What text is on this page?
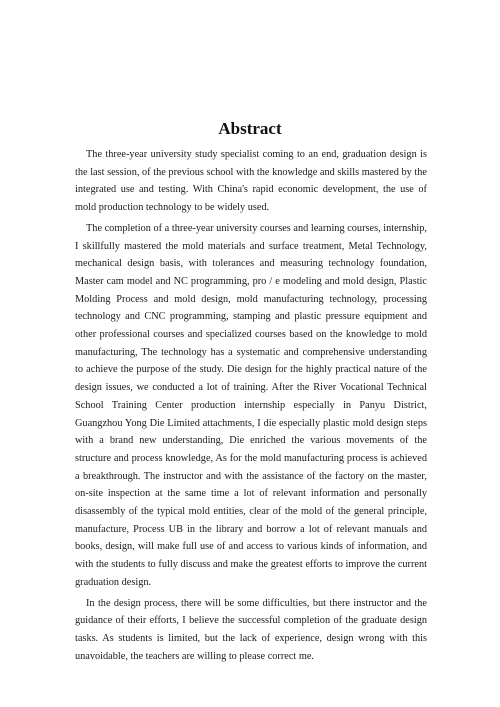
Abstract

The three-year university study specialist coming to an end, graduation design is the last session, of the previous school with the knowledge and skills mastered by the integrated use and testing. With China's rapid economic development, the use of mold production technology to be widely used.

The completion of a three-year university courses and learning courses, internship, I skillfully mastered the mold materials and surface treatment, Metal Technology, mechanical design basis, with tolerances and measuring technology foundation, Master cam model and NC programming, pro / e modeling and mold design, Plastic Molding Process and mold design, mold manufacturing technology, processing technology and CNC programming, stamping and plastic pressure equipment and other professional courses and specialized courses based on the knowledge to mold manufacturing, The technology has a systematic and comprehensive understanding to achieve the purpose of the study. Die design for the highly practical nature of the design issues, we conducted a lot of training. After the River Vocational Technical School Training Center production internship especially in Panyu District, Guangzhou Yong Die Limited attachments, I die especially plastic mold design steps with a brand new understanding, Die enriched the various movements of the structure and process knowledge, As for the mold manufacturing process is achieved a breakthrough. The instructor and with the assistance of the factory on the master, on-site inspection at the same time a lot of relevant information and personally disassembly of the typical mold entities, clear of the mold of the general principle, manufacture, Process UB in the library and borrow a lot of relevant manuals and books, design, will make full use of and access to various kinds of information, and with the students to fully discuss and make the greatest efforts to improve the current graduation design.

In the design process, there will be some difficulties, but there instructor and the guidance of their efforts, I believe the successful completion of the graduate design tasks. As students is limited, but the lack of experience, design wrong with this unavoidable, the teachers are willing to please correct me.
